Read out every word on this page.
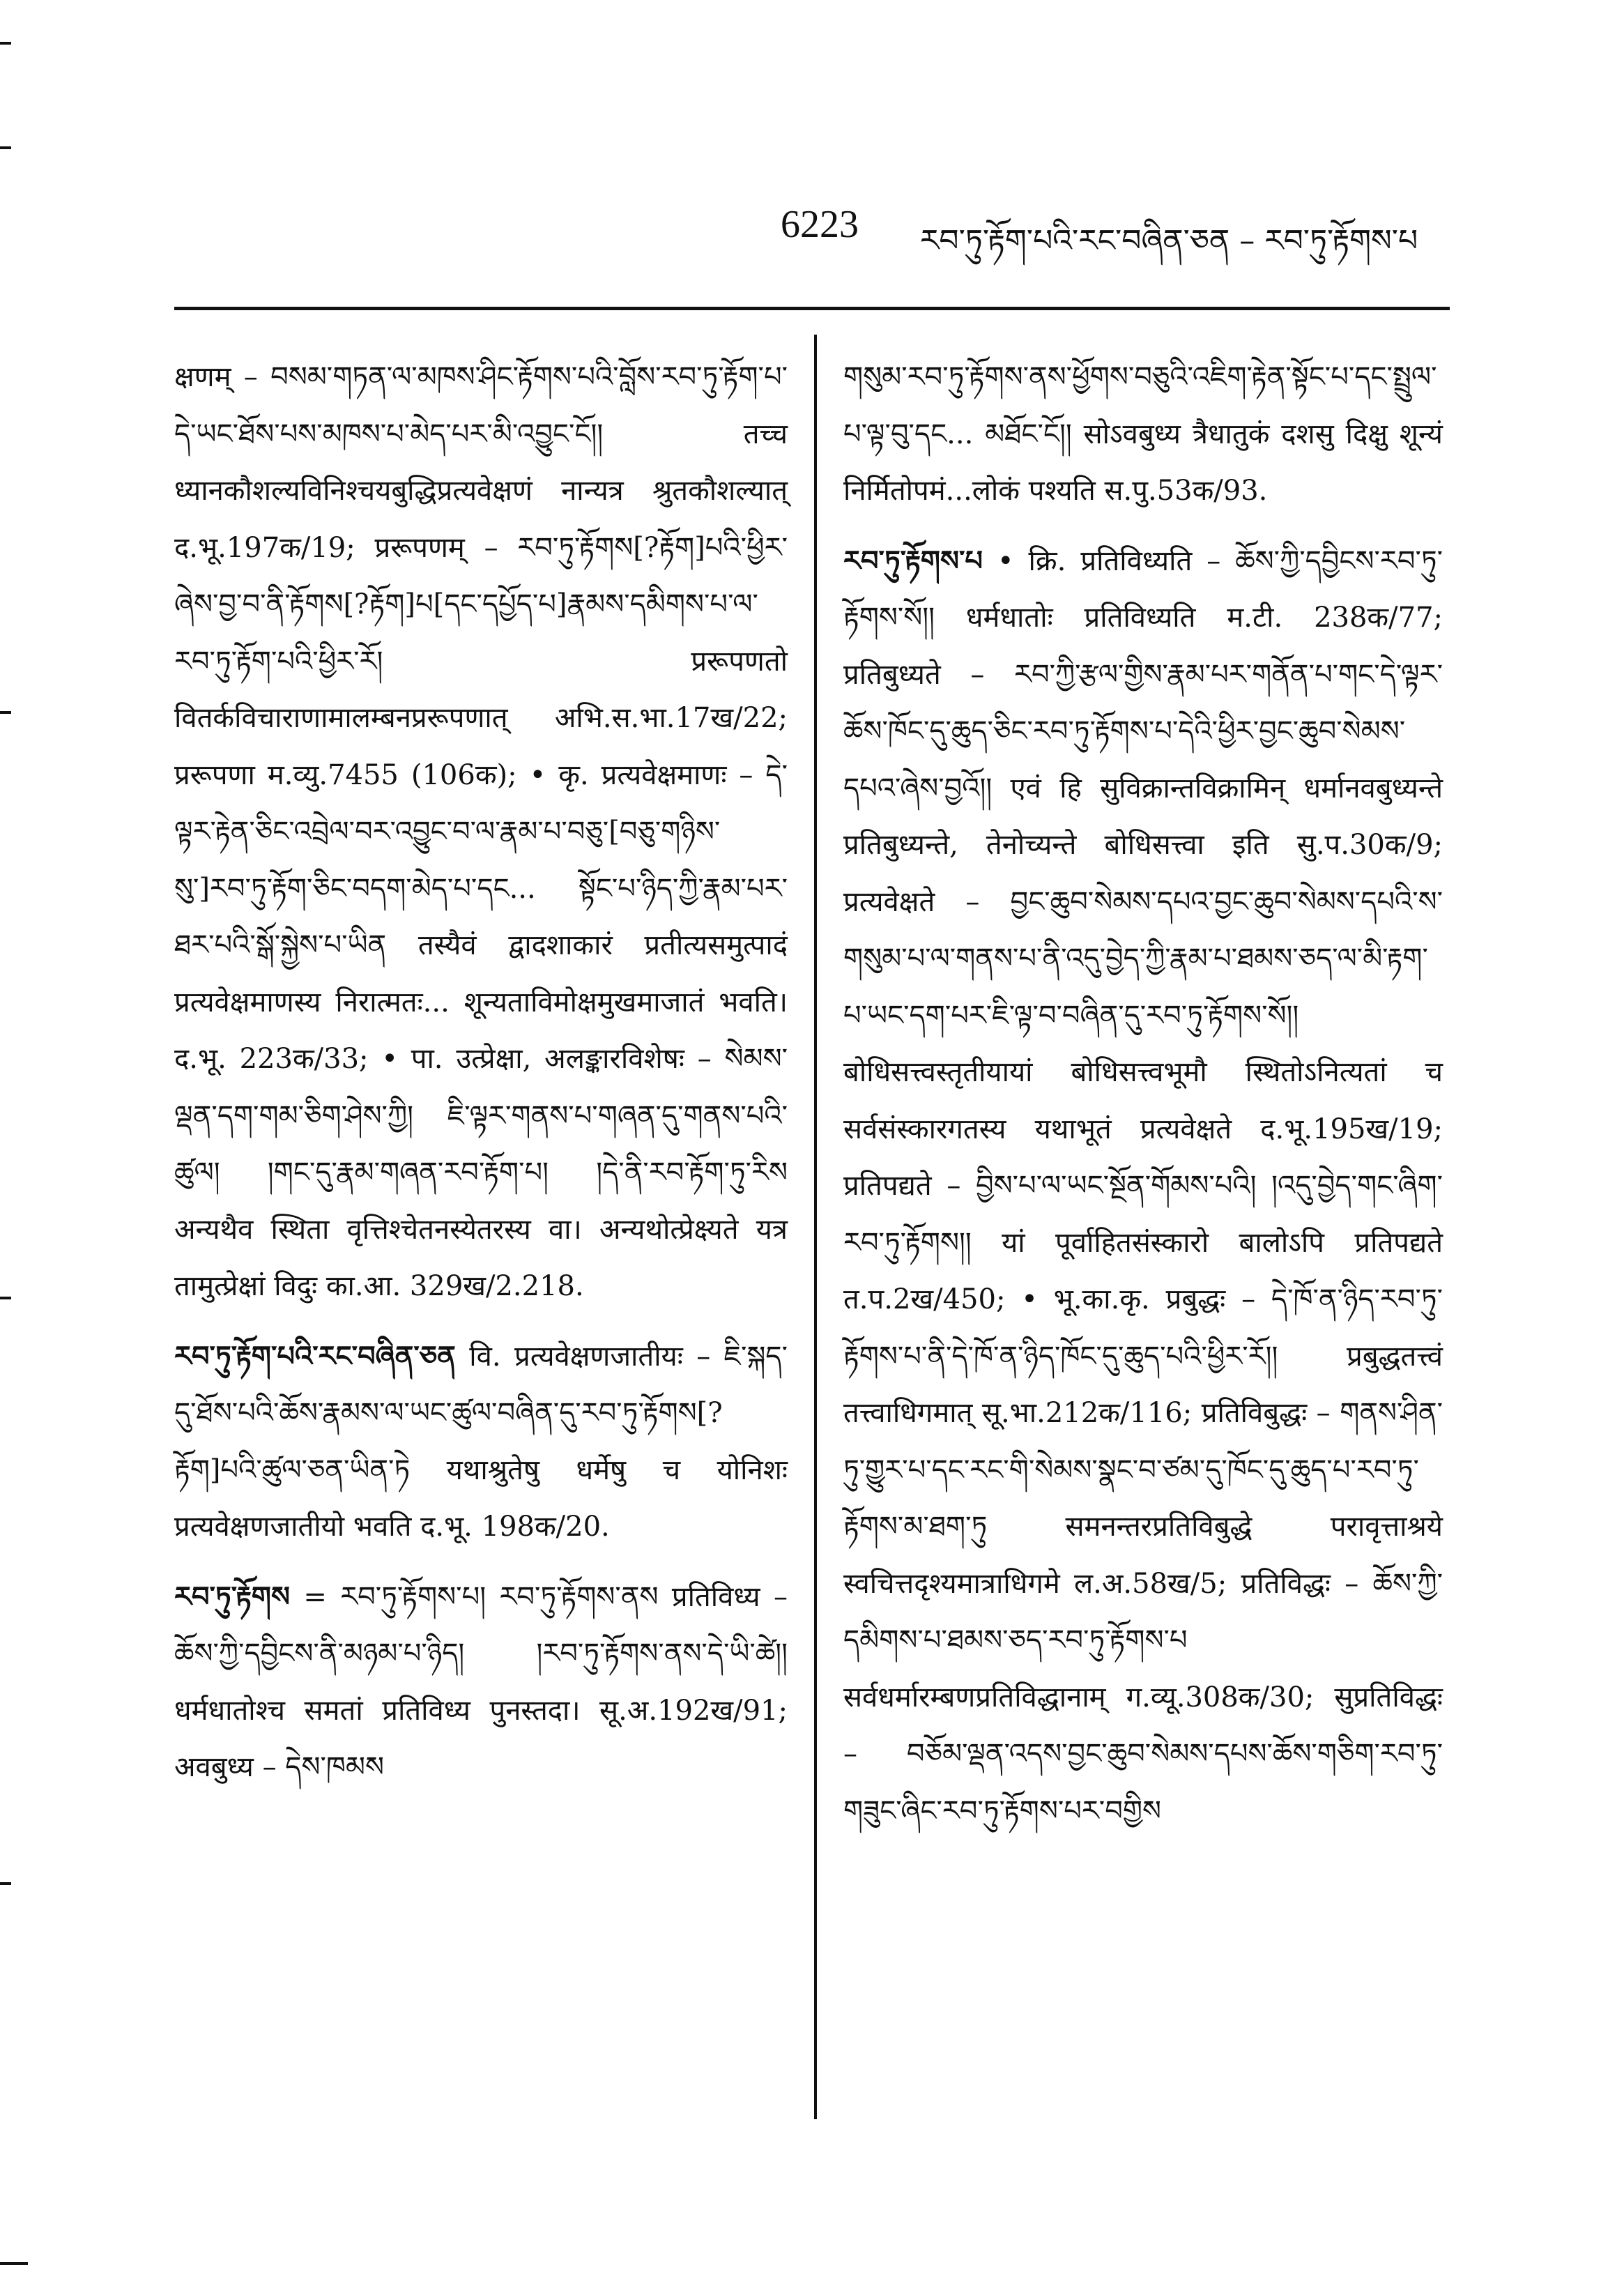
6223 རབ་ཏུ་རྟོག་པའི་རང་བཞིན་ཅན – རབ་ཏུ་རྟོགས་པ

क्षणम् – བསམ་གཏན་ལ་མཁས་ཤིང་རྟོགས་པའི་བློས་རབ་ཏུ་རྟོག་པ་དེ་ཡང་ཐོས་པས་མཁས་པ་མེད་པར་མི་འབྱུང་ངོ།། तच्च ध्यानकौशल्यविनिश्चयबुद्धिप्रत्यवेक्षणं नान्यत्र श्रुतकौशल्यात् द.भू.197क/19; प्ररूपणम् – རབ་ཏུ་རྟོགས[?རྟོག]པའི་ཕྱིར་ཞེས་བྱ་བ་ནི་རྟོགས[?རྟོག]པ[དང་དཔྱོད་པ]རྣམས་དམིགས་པ་ལ་རབ་ཏུ་རྟོག་པའི་ཕྱིར་རོ། प्ररूपणतो वितर्कविचाराणामालम्बनप्ररूपणात् अभि.स.भा.17ख/22; प्ररूपणा म.व्यु.7455 (106क); • कृ. प्रत्यवेक्षमाणः – དེ་ལྟར་རྟེན་ཅིང་འབྲེལ་བར་འབྱུང་བ་ལ་རྣམ་པ་བཅུ་[བཅུ་གཉིས་སུ་]རབ་ཏུ་རྟོག་ཅིང་བདག་མེད་པ་དང... སྟོང་པ་ཉིད་ཀྱི་རྣམ་པར་ཐར་པའི་སྒོ་སྐྱེས་པ་ཡིན तस्यैवं द्वादशाकारं प्रतीत्यसमुत्पादं प्रत्यवेक्षमाणस्य निरात्मतः... शून्यताविमोक्षमुखमाजातं भवति। द.भू. 223क/33; • पा. उत्प्रेक्षा, अलङ्कारविशेषः – སེམས་ལྡན་དག་གམ་ཅིག་ཤེས་ཀྱི། ཇི་ལྟར་གནས་པ་གཞན་དུ་གནས་པའི་ཚུལ། །གང་དུ་རྣམ་གཞན་རབ་རྟོག་པ། །དེ་ནི་རབ་རྟོག་ཏུ་རིས अन्यथैव स्थिता वृत्तिश्चेतनस्येतरस्य वा। अन्यथोत्प्रेक्ष्यते यत्र तामुत्प्रेक्षां विदुः का.आ. 329ख/2.218.

རབ་ཏུ་རྟོག་པའི་རང་བཞིན་ཅན वि. प्रत्यवेक्षणजातीयः – ཇི་སྐད་དུ་ཐོས་པའི་ཆོས་རྣམས་ལ་ཡང་ཚུལ་བཞིན་དུ་རབ་ཏུ་རྟོགས[?རྟོག]པའི་ཚུལ་ཅན་ཡིན་ཏེ यथाश्रुतेषु धर्मेषु च योनिशः प्रत्यवेक्षणजातीयो भवति द.भू. 198क/20.

རབ་ཏུ་རྟོགས = རབ་ཏུ་རྟོགས་པ། རབ་ཏུ་རྟོགས་ནས प्रतिविध्य – ཆོས་ཀྱི་དབྱིངས་ནི་མཉམ་པ་ཉིད། །རབ་ཏུ་རྟོགས་ནས་དེ་ཡི་ཚེ།། धर्मधातोश्च समतां प्रतिविध्य पुनस्तदा। सू.अ.192ख/91; अवबुध्य – དེས་ཁམས

གསུམ་རབ་ཏུ་རྟོགས་ནས་ཕྱོགས་བཅུའི་འཇིག་རྟེན་སྟོང་པ་དང་སྤྲུལ་པ་ལྟ་བུ་དང... མཐོང་ངོ།། सोऽवबुध्य त्रैधातुकं दशसु दिक्षु शून्यं निर्मितोपमं...लोकं पश्यति स.पु.53क/93.

རབ་ཏུ་རྟོགས་པ • क्रि. प्रतिविध्यति – ཆོས་ཀྱི་དབྱིངས་རབ་ཏུ་རྟོགས་སོ།། धर्मधातोः प्रतिविध्यति म.टी. 238क/77; प्रतिबुध्यते – རབ་ཀྱི་རྩལ་གྱིས་རྣམ་པར་གནོན་པ་གང་དེ་ལྟར་ཆོས་ཁོང་དུ་ཆུད་ཅིང་རབ་ཏུ་རྟོགས་པ་དེའི་ཕྱིར་བྱང་ཆུབ་སེམས་དཔའ་ཞེས་བྱའོ།། एवं हि सुविक्रान्तविक्रामिन् धर्मानवबुध्यन्ते प्रतिबुध्यन्ते, तेनोच्यन्ते बोधिसत्त्वा इति सु.प.30क/9; प्रत्यवेक्षते – བྱང་ཆུབ་སེམས་དཔའ་བྱང་ཆུབ་སེམས་དཔའི་ས་གསུམ་པ་ལ་གནས་པ་ནི་འདུ་བྱེད་ཀྱི་རྣམ་པ་ཐམས་ཅད་ལ་མི་རྟག་པ་ཡང་དག་པར་ཇི་ལྟ་བ་བཞིན་དུ་རབ་ཏུ་རྟོགས་སོ།། बोधिसत्त्वस्तृतीयायां बोधिसत्त्वभूमौ स्थितोऽनित्यतां च सर्वसंस्कारगतस्य यथाभूतं प्रत्यवेक्षते द.भू.195ख/19; प्रतिपद्यते – བྱིས་པ་ལ་ཡང་སྔོན་གོམས་པའི། །འདུ་བྱེད་གང་ཞིག་རབ་ཏུ་རྟོགས།། यां पूर्वाहितसंस्कारो बालोऽपि प्रतिपद्यते त.प.2ख/450; • भू.का.कृ. प्रबुद्धः – དེ་ཁོ་ན་ཉིད་རབ་ཏུ་རྟོགས་པ་ནི་དེ་ཁོ་ན་ཉིད་ཁོང་དུ་ཆུད་པའི་ཕྱིར་རོ།། प्रबुद्धतत्त्वं तत्त्वाधिगमात् सू.भा.212क/116; प्रतिविबुद्धः – གནས་ཤིན་ཏུ་གྱུར་པ་དང་རང་གི་སེམས་སྣང་བ་ཙམ་དུ་ཁོང་དུ་ཆུད་པ་རབ་ཏུ་རྟོགས་མ་ཐག་ཏུ समनन्तरप्रतिविबुद्धे परावृत्ताश्रये स्वचित्तदृश्यमात्राधिगमे ल.अ.58ख/5; प्रतिविद्धः – ཆོས་ཀྱི་དམིགས་པ་ཐམས་ཅད་རབ་ཏུ་རྟོགས་པ सर्वधर्मारम्बणप्रतिविद्धानाम् ग.व्यू.308क/30; सुप्रतिविद्धः – བཅོམ་ལྡན་འདས་བྱང་ཆུབ་སེམས་དཔས་ཆོས་གཅིག་རབ་ཏུ་གཟུང་ཞིང་རབ་ཏུ་རྟོགས་པར་བགྱིས
